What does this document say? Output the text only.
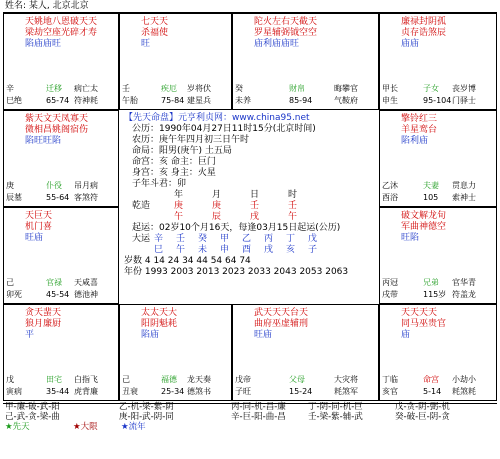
姓名: 某人, 北京北京
天姚地八恩破天天
梁劫空座光碎才寿
陷庙庙旺
辛	迁移 病亡太
巳绝	65-74 符神耗
七天天
杀福使
旺
壬	疾厄 岁将伏
午胎	75-84 建星兵
陀火左右天截天
罗星辅弼钺空空
庙利庙庙旺
癸	财帛	晦攀官
未养	85-94	气鞍府
廉禄封阴孤
贞存诰煞辰
庙庙
甲长	子女 丧岁博
申生	95-104 门驿士
紫天文天凤寡天
微相昌姚阁宿伤
陷旺旺陷
庚	仆役 吊月病
辰墓	55-64 客煞符
擎铃红三
羊星鸾台
陷利庙
乙沐	夫妻 贯息力
酉浴	105 索神士
天巨天
机门喜
旺庙
己	官禄 天咸喜
卯死	45-54 德池神
破文解龙旬
军曲神德空
旺陷
丙冠	兄弟 官华青
戌带	115岁 符盖龙
贪天蜚天
狼月廉厨
平
戊	田宅 白指飞
寅病	35-44 虎背廉
太太天大
阳阴魁耗
陷庙
己	福德 龙天奏
丑衰	25-34 德煞书
武天天天台天
曲府巫虚辅刑
旺庙
戊帝	父母	大灾将
子旺	15-24	耗煞军
天天天天
同马巫贵官
庙
丁临	命宫 小劫小
亥官	5-14 耗煞耗
【先天命盘】元亨利贞网：www.china95.net
公历：1990年04月27日11时15分(北京时间)
农历：庚午年四月初三日午时
命局：阳男(庚午) 土五局
命宫：亥 命主：巨门
身宫：亥 身主：火星
子年斗君：卯
年	月	日	时
乾造	庚	庚	壬	壬
午	辰	戌	午
起运：02岁10个月16天，每逢03月15日起运(公历)
大运 辛 壬 癸 甲 乙 丙 丁 戊
巳 午 未 申 酉 戌 亥 子
岁数 4 14 24 34 44 54 64 74
年份 1993 2003 2013 2023 2033 2043 2053 2063
甲-廉-破-武-阳	乙-机-梁-紫-阴	丙-同-机-昌-廉	丁-阴-同-机-巨	戊-贪-阴-弼-机
己-武-贪-梁-曲	庚-阳-武-阴-同	辛-巨-阳-曲-昌	壬-梁-紫-辅-武	癸-破-巨-阴-贪
★先天	★大限	★流年
